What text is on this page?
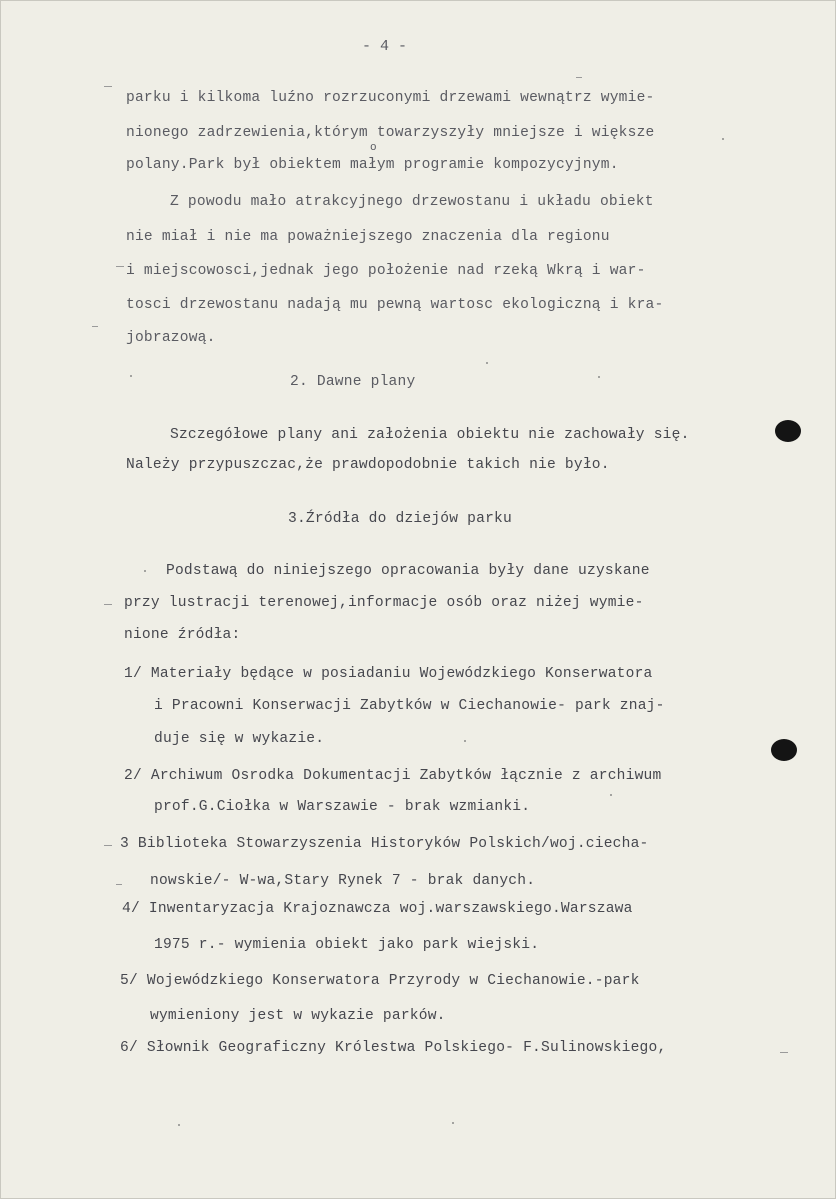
- 4 -
parku i kilkoma luźno rozrzuconymi drzewami wewnątrz wymie-
nionego zadrzewienia,którym towarzyszyły mniejsze i większe
o
polany.Park był obiektem małym programie kompozycyjnym.
Z powodu mało atrakcyjnego drzewostanu i układu obiekt
nie miał i nie ma poważniejszego znaczenia dla regionu
i miejscowosci,jednak jego położenie nad rzeką Wkrą i war-
tosci drzewostanu nadają mu pewną wartosc ekologiczną i kra-
jobrazową.
2. Dawne plany
Szczegółowe plany ani założenia obiektu nie zachowały się.
Należy przypuszczac,że prawdopodobnie takich nie było.
3.Źródła do dziejów parku
Podstawą do niniejszego opracowania były dane uzyskane
przy lustracji terenowej,informacje osób oraz niżej wymie-
nione źródła:
1/ Materiały będące w posiadaniu Wojewódzkiego Konserwatora
i Pracowni Konserwacji Zabytków w Ciechanowie- park znaj-
duje się w wykazie.
2/ Archiwum Osrodka Dokumentacji Zabytków łącznie z archiwum
prof.G.Ciołka w Warszawie - brak wzmianki.
3 Biblioteka Stowarzyszenia Historyków Polskich/woj.ciecha-
nowskie/- W-wa,Stary Rynek 7 - brak danych.
4/ Inwentaryzacja Krajoznawcza woj.warszawskiego.Warszawa
1975 r.- wymienia obiekt jako park wiejski.
5/ Wojewódzkiego Konserwatora Przyrody w Ciechanowie.-park
wymieniony jest w wykazie parków.
6/ Słownik Geograficzny Królestwa Polskiego- F.Sulinowskiego,
